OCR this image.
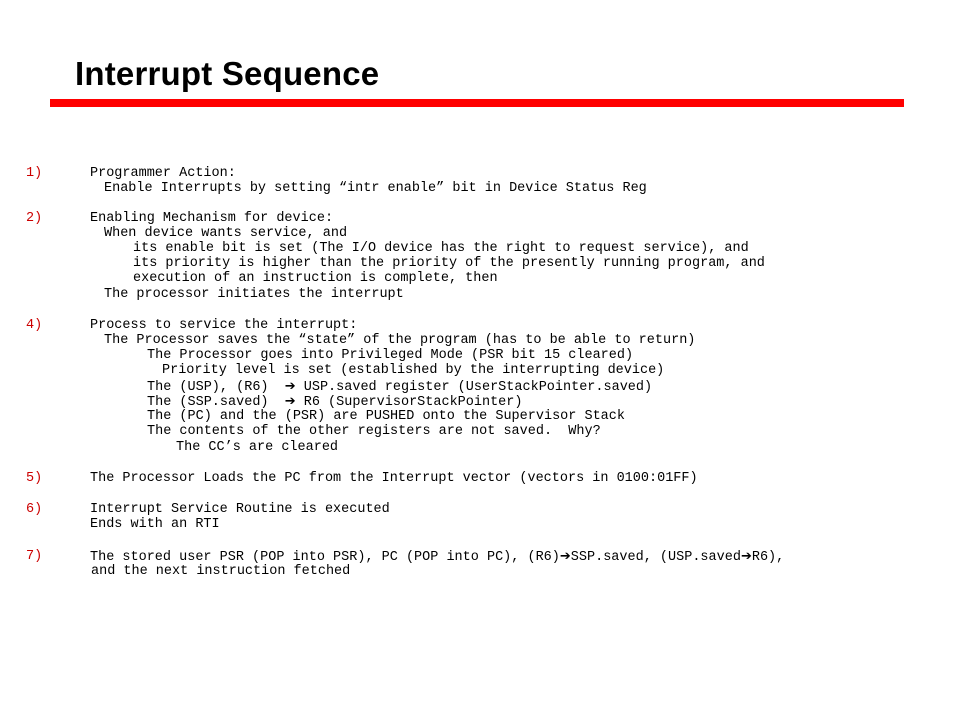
Interrupt Sequence
1)	Programmer Action:
Enable Interrupts by setting “intr enable” bit in Device Status Reg
2)	Enabling Mechanism for device:
When device wants service, and
its enable bit is set (The I/O device has the right to request service), and
its priority is higher than the priority of the presently running program, and
execution of an instruction is complete, then
The processor initiates the interrupt
4)	Process to service the interrupt:
The Processor saves the “state” of the program (has to be able to return)
The Processor goes into Privileged Mode (PSR bit 15 cleared)
Priority level is set (established by the interrupting device)
The (USP), (R6) ➔ USP.saved register (UserStackPointer.saved)
The (SSP.saved) ➔ R6 (SupervisorStackPointer)
The (PC) and the (PSR) are PUSHED onto the Supervisor Stack
The contents of the other registers are not saved.  Why?
The CC’s are cleared
5)	The Processor Loads the PC from the Interrupt vector (vectors in 0100:01FF)
6)	Interrupt Service Routine is executed
Ends with an RTI
7)	The stored user PSR (POP into PSR), PC (POP into PC), (R6)➔SSP.saved, (USP.saved➔R6),
and the next instruction fetched
